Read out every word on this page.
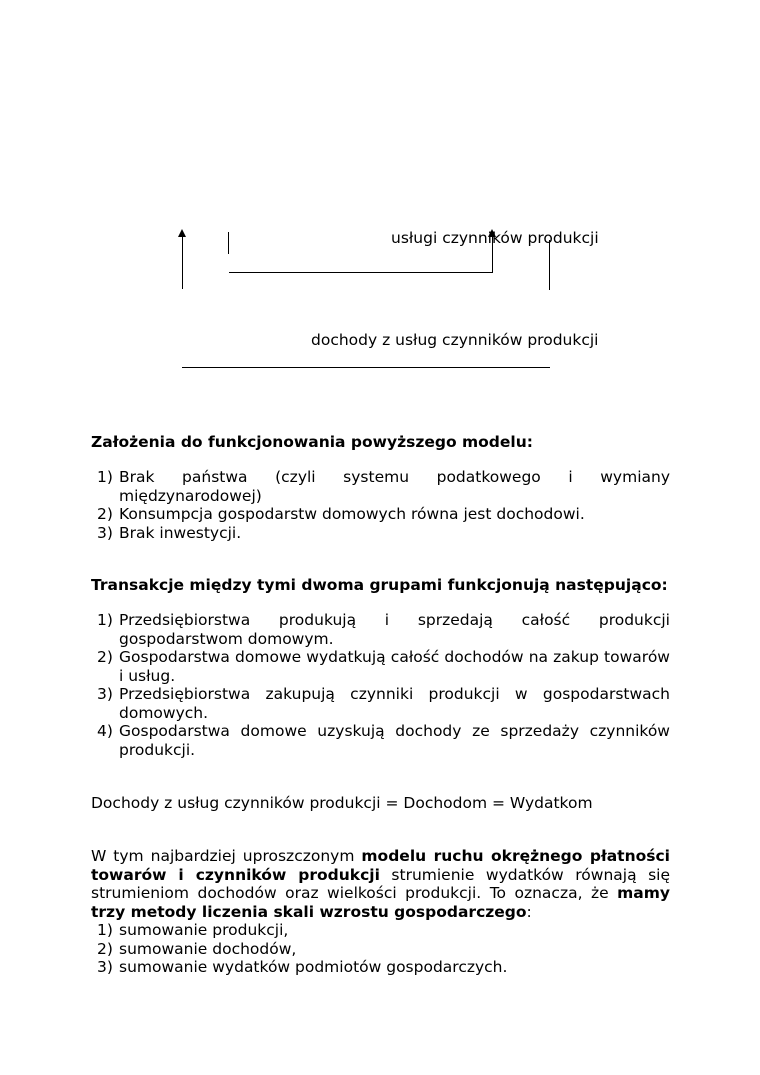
usługi czynników produkcji
dochody z usług czynników produkcji
Założenia do funkcjonowania powyższego modelu:
1) Brak państwa (czyli systemu podatkowego i wymiany
międzynarodowej)
2) Konsumpcja gospodarstw domowych równa jest dochodowi.
3) Brak inwestycji.
Transakcje między tymi dwoma grupami funkcjonują następująco:
1) Przedsiębiorstwa produkują i sprzedają całość produkcji
gospodarstwom domowym.
2) Gospodarstwa domowe wydatkują całość dochodów na zakup towarów
i usług.
3) Przedsiębiorstwa zakupują czynniki produkcji w gospodarstwach
domowych.
4) Gospodarstwa domowe uzyskują dochody ze sprzedaży czynników
produkcji.
Dochody z usług czynników produkcji = Dochodom = Wydatkom
W tym najbardziej uproszczonym modelu ruchu okrężnego płatności towarów i czynników produkcji strumienie wydatków równają się strumieniom dochodów oraz wielkości produkcji. To oznacza, że mamy trzy metody liczenia skali wzrostu gospodarczego:
1) sumowanie produkcji,
2) sumowanie dochodów,
3) sumowanie wydatków podmiotów gospodarczych.
